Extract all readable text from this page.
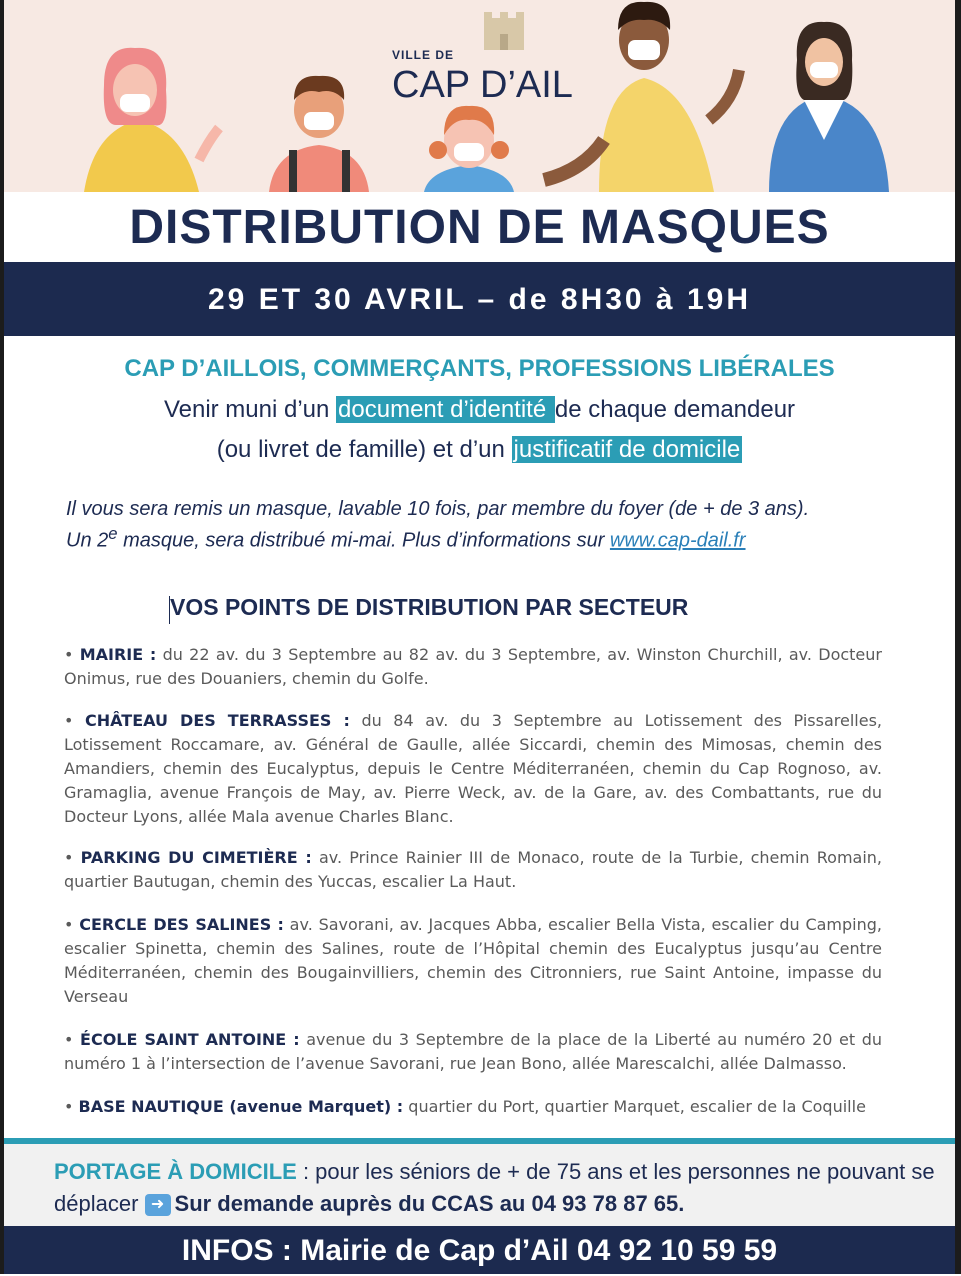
VILLE DE
CAP D’AIL
DISTRIBUTION DE MASQUES
29 ET 30 AVRIL – de 8H30 à 19H
CAP D’AILLOIS, COMMERÇANTS, PROFESSIONS LIBÉRALES
Venir muni d’un document d’identité de chaque demandeur
(ou livret de famille) et d’un justificatif de domicile
Il vous sera remis un masque, lavable 10 fois, par membre du foyer (de + de 3 ans).
Un 2e masque, sera distribué mi-mai. Plus d’informations sur www.cap-dail.fr
VOS POINTS DE DISTRIBUTION PAR SECTEUR
• MAIRIE : du 22 av. du 3 Septembre au 82 av. du 3 Septembre, av. Winston Churchill, av. Docteur Onimus, rue des Douaniers, chemin du Golfe.
• CHÂTEAU DES TERRASSES : du 84 av. du 3 Septembre au Lotissement des Pissarelles, Lotissement Roccamare, av. Général de Gaulle, allée Siccardi, chemin des Mimosas, chemin des Amandiers, chemin des Eucalyptus, depuis le Centre Méditerranéen, chemin du Cap Rognoso, av. Gramaglia, avenue François de May, av. Pierre Weck, av. de la Gare, av. des Combattants, rue du Docteur Lyons, allée Mala avenue Charles Blanc.
• PARKING DU CIMETIÈRE : av. Prince Rainier III de Monaco, route de la Turbie, chemin Romain, quartier Bautugan, chemin des Yuccas, escalier La Haut.
• CERCLE DES SALINES : av. Savorani, av. Jacques Abba, escalier Bella Vista, escalier du Camping, escalier Spinetta, chemin des Salines, route de l’Hôpital chemin des Eucalyptus jusqu’au Centre Méditerranéen, chemin des Bougainvilliers, chemin des Citronniers, rue Saint Antoine, impasse du Verseau
• ÉCOLE SAINT ANTOINE : avenue du 3 Septembre de la place de la Liberté au numéro 20 et du numéro 1 à l’intersection de l’avenue Savorani, rue Jean Bono, allée Marescalchi, allée Dalmasso.
• BASE NAUTIQUE (avenue Marquet) : quartier du Port, quartier Marquet, escalier de la Coquille
PORTAGE À DOMICILE : pour les séniors de + de 75 ans et les personnes ne pouvant se déplacer ➜ Sur demande auprès du CCAS au 04 93 78 87 65.
INFOS : Mairie de Cap d’Ail 04 92 10 59 59
